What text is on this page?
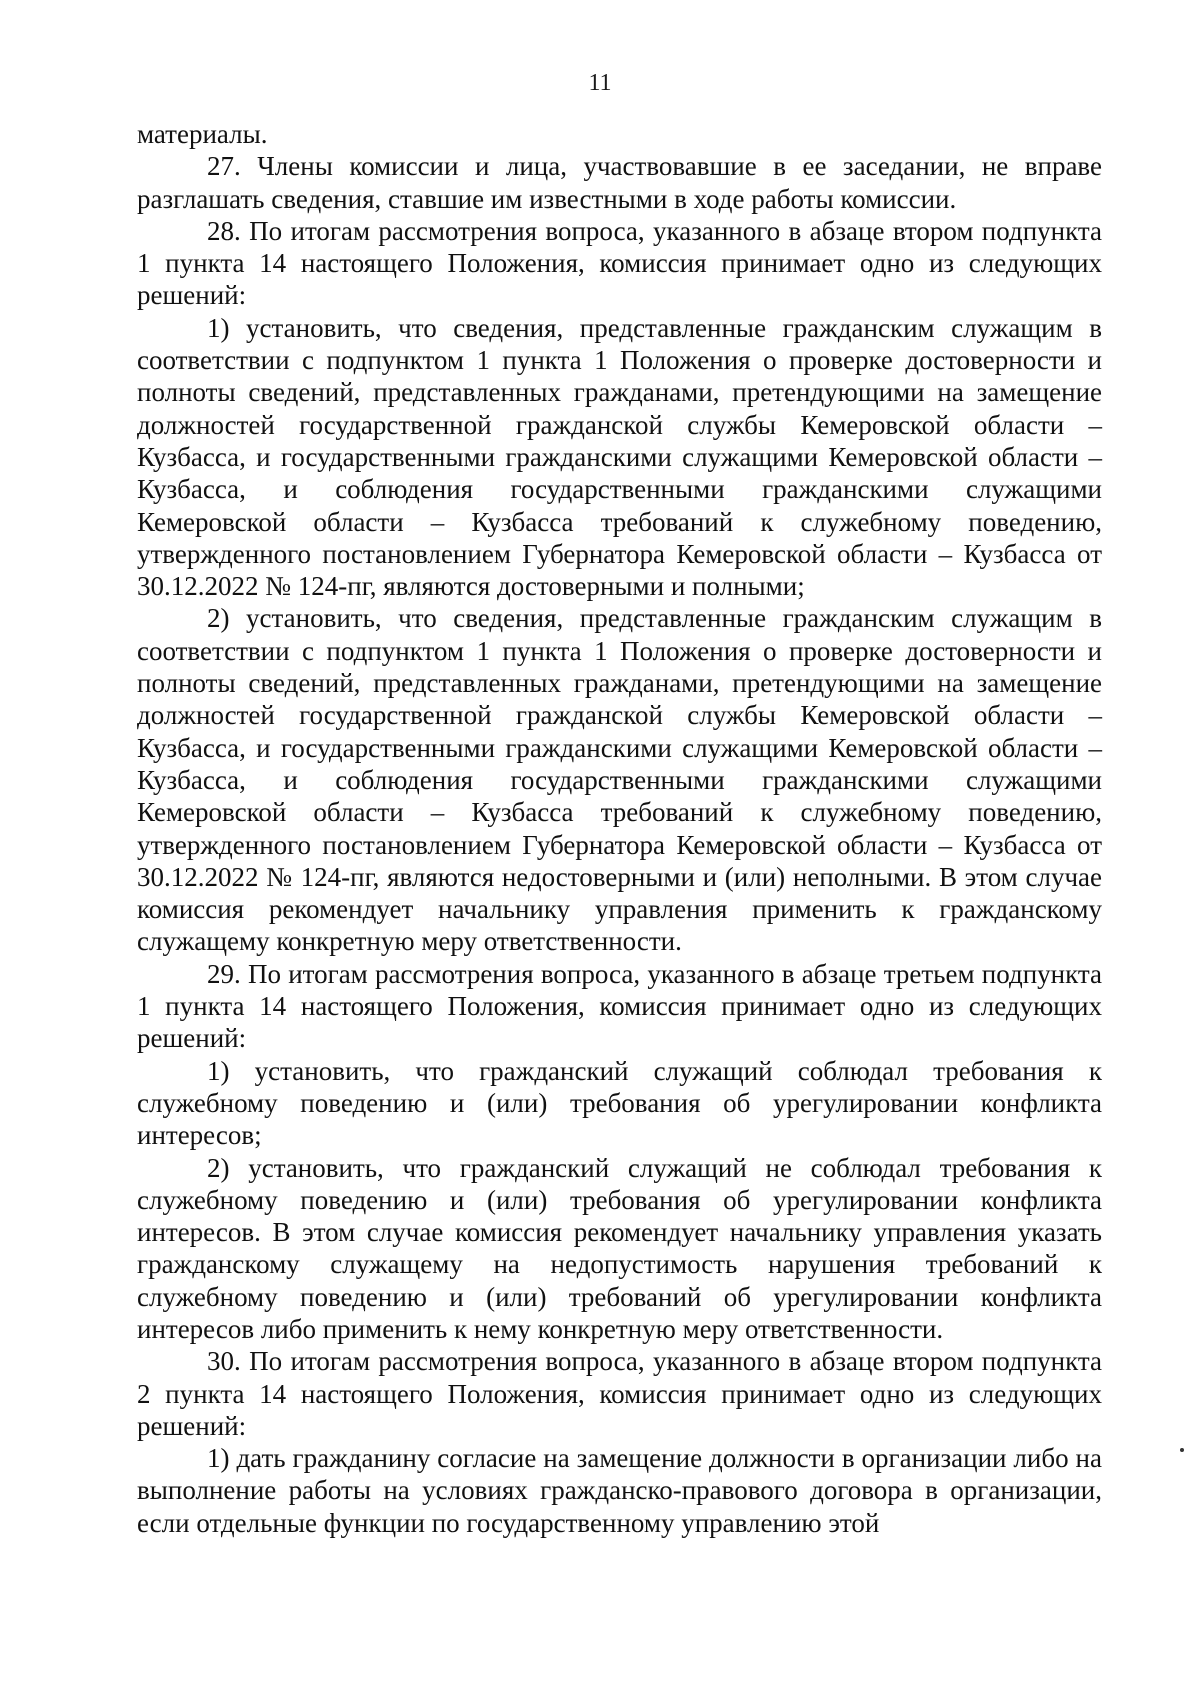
11

материалы.

27. Члены комиссии и лица, участвовавшие в ее заседании, не вправе разглашать сведения, ставшие им известными в ходе работы комиссии.

28. По итогам рассмотрения вопроса, указанного в абзаце втором подпункта 1 пункта 14 настоящего Положения, комиссия принимает одно из следующих решений:

1) установить, что сведения, представленные гражданским служащим в соответствии с подпунктом 1 пункта 1 Положения о проверке достоверности и полноты сведений, представленных гражданами, претендующими на замещение должностей государственной гражданской службы Кемеровской области – Кузбасса, и государственными гражданскими служащими Кемеровской области – Кузбасса, и соблюдения государственными гражданскими служащими Кемеровской области – Кузбасса требований к служебному поведению, утвержденного постановлением Губернатора Кемеровской области – Кузбасса от 30.12.2022 № 124-пг, являются достоверными и полными;

2) установить, что сведения, представленные гражданским служащим в соответствии с подпунктом 1 пункта 1 Положения о проверке достоверности и полноты сведений, представленных гражданами, претендующими на замещение должностей государственной гражданской службы Кемеровской области – Кузбасса, и государственными гражданскими служащими Кемеровской области – Кузбасса, и соблюдения государственными гражданскими служащими Кемеровской области – Кузбасса требований к служебному поведению, утвержденного постановлением Губернатора Кемеровской области – Кузбасса от 30.12.2022 № 124-пг, являются недостоверными и (или) неполными. В этом случае комиссия рекомендует начальнику управления применить к гражданскому служащему конкретную меру ответственности.

29. По итогам рассмотрения вопроса, указанного в абзаце третьем подпункта 1 пункта 14 настоящего Положения, комиссия принимает одно из следующих решений:

1) установить, что гражданский служащий соблюдал требования к служебному поведению и (или) требования об урегулировании конфликта интересов;

2) установить, что гражданский служащий не соблюдал требования к служебному поведению и (или) требования об урегулировании конфликта интересов. В этом случае комиссия рекомендует начальнику управления указать гражданскому служащему на недопустимость нарушения требований к служебному поведению и (или) требований об урегулировании конфликта интересов либо применить к нему конкретную меру ответственности.

30. По итогам рассмотрения вопроса, указанного в абзаце втором подпункта 2 пункта 14 настоящего Положения, комиссия принимает одно из следующих решений:

1) дать гражданину согласие на замещение должности в организации либо на выполнение работы на условиях гражданско-правового договора в организации, если отдельные функции по государственному управлению этой
